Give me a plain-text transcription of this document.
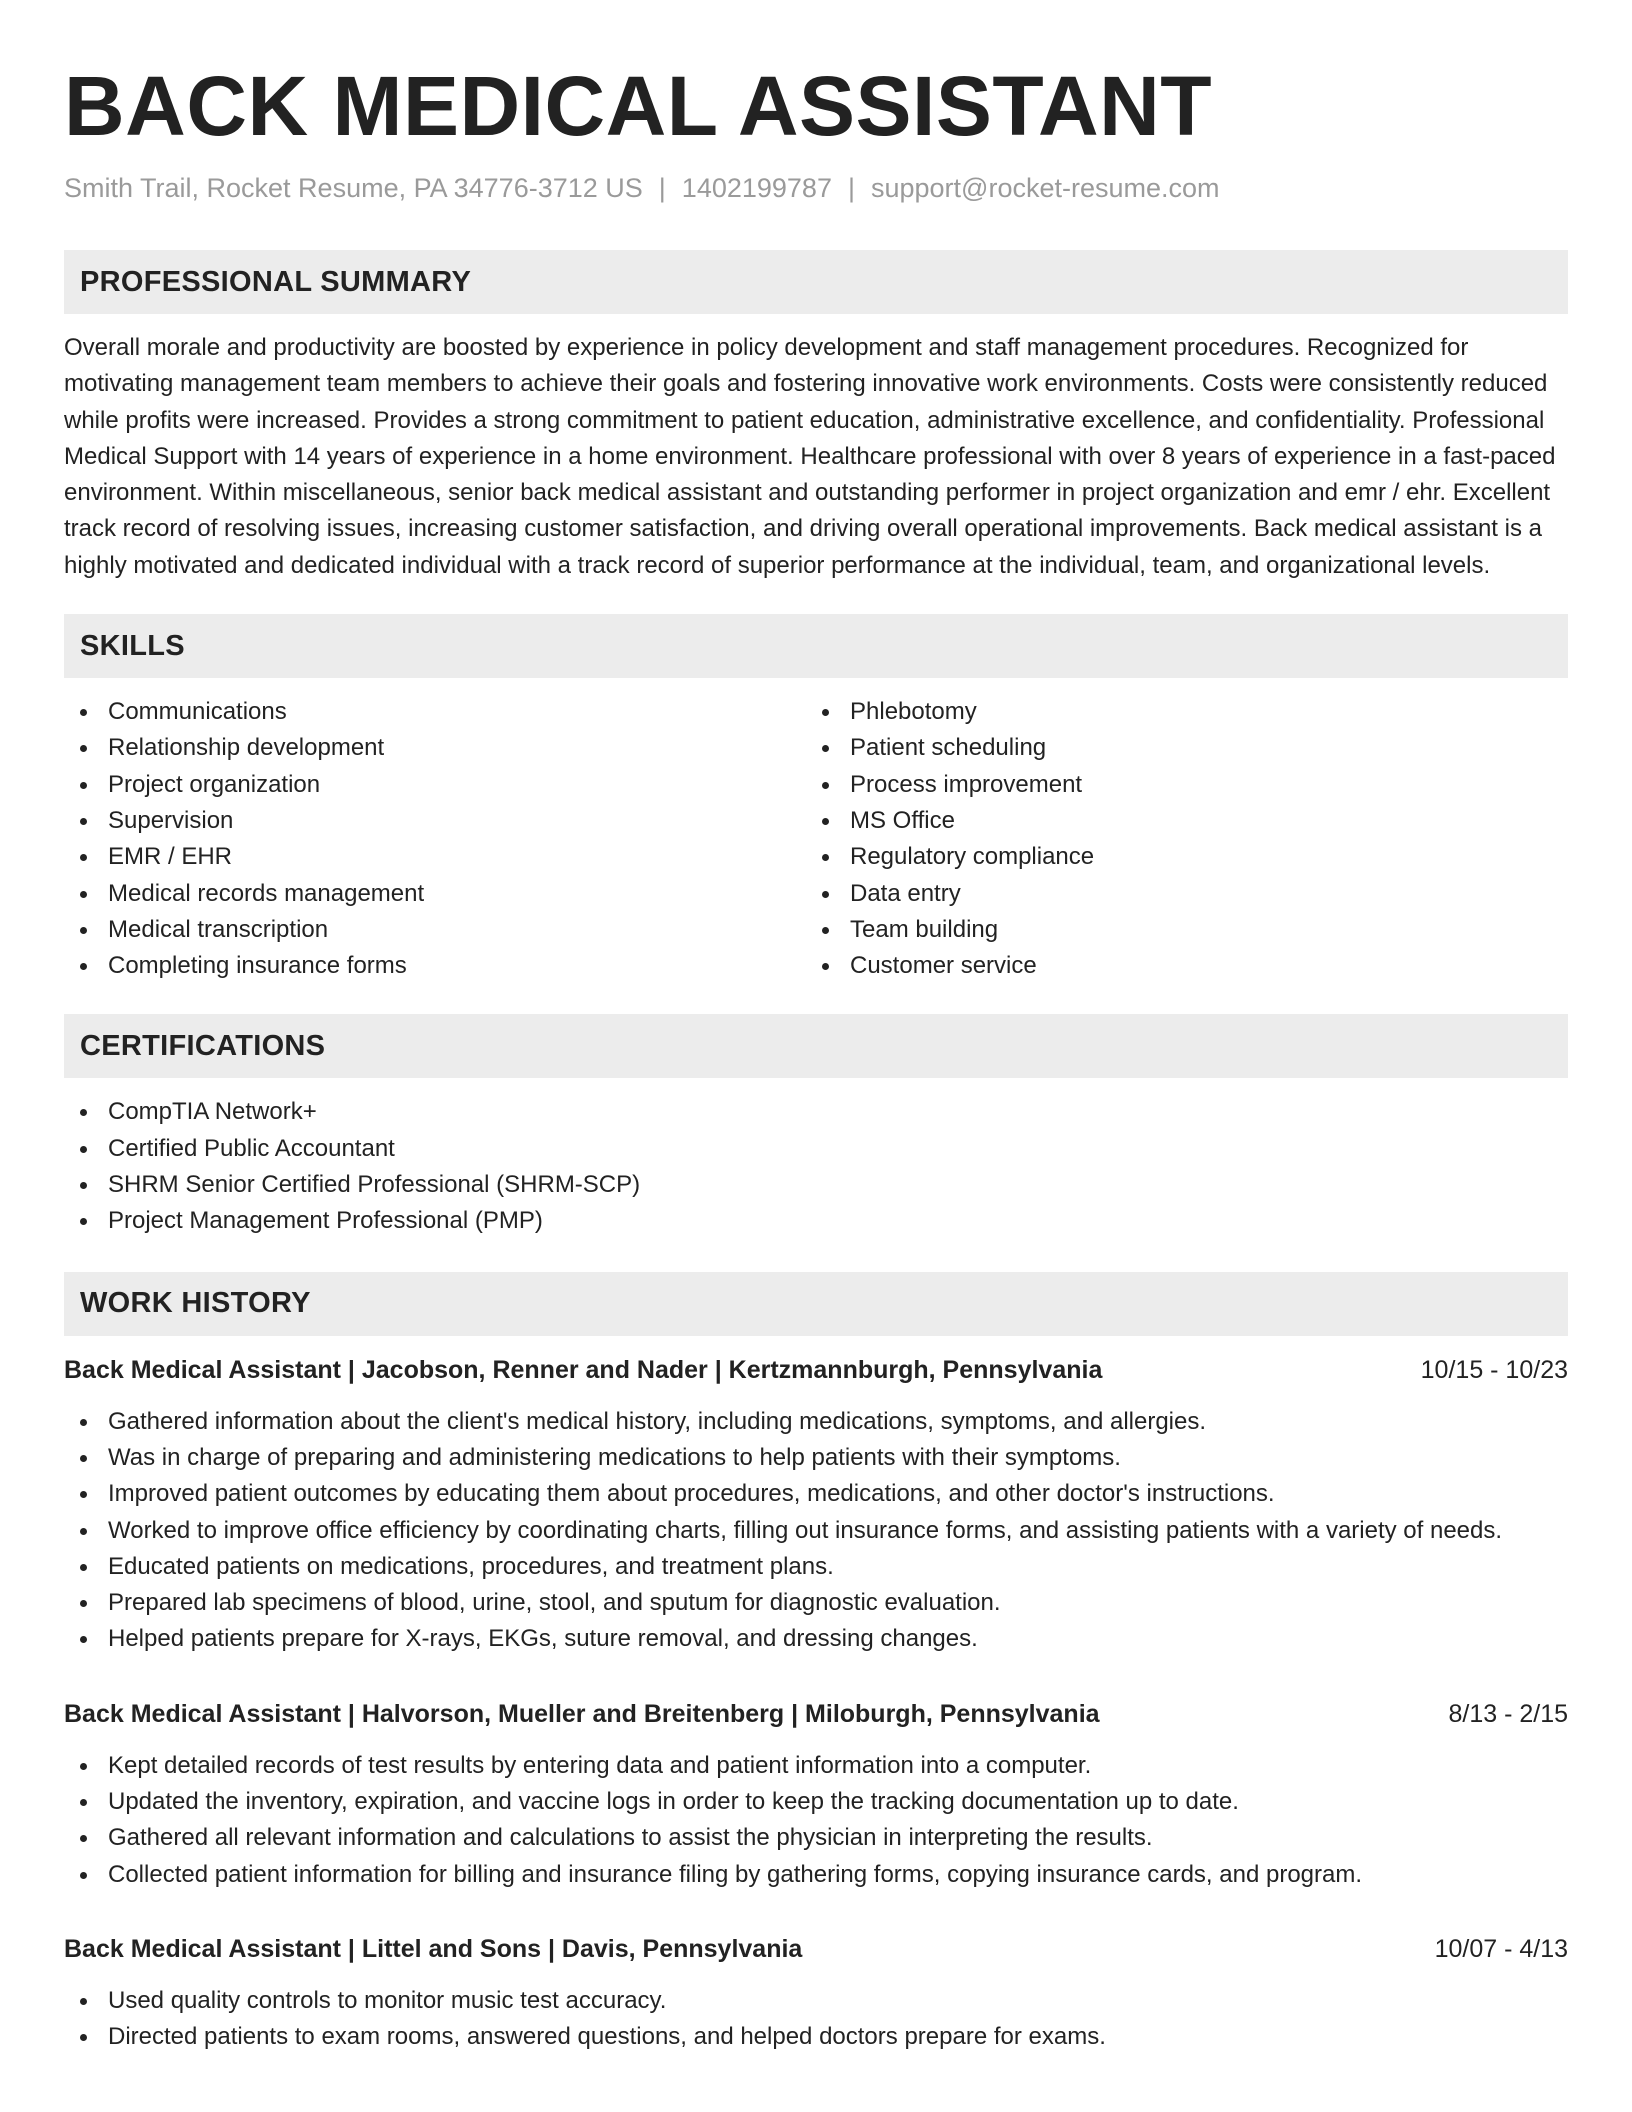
BACK MEDICAL ASSISTANT
Smith Trail, Rocket Resume, PA 34776-3712 US | 1402199787 | support@rocket-resume.com
PROFESSIONAL SUMMARY

Overall morale and productivity are boosted by experience in policy development and staff management procedures. Recognized for motivating management team members to achieve their goals and fostering innovative work environments. Costs were consistently reduced while profits were increased. Provides a strong commitment to patient education, administrative excellence, and confidentiality. Professional Medical Support with 14 years of experience in a home environment. Healthcare professional with over 8 years of experience in a fast-paced environment. Within miscellaneous, senior back medical assistant and outstanding performer in project organization and emr / ehr. Excellent track record of resolving issues, increasing customer satisfaction, and driving overall operational improvements. Back medical assistant is a highly motivated and dedicated individual with a track record of superior performance at the individual, team, and organizational levels.

SKILLS
Communications
Relationship development
Project organization
Supervision
EMR / EHR
Medical records management
Medical transcription
Completing insurance forms
Phlebotomy
Patient scheduling
Process improvement
MS Office
Regulatory compliance
Data entry
Team building
Customer service
CERTIFICATIONS
CompTIA Network+
Certified Public Accountant
SHRM Senior Certified Professional (SHRM-SCP)
Project Management Professional (PMP)
WORK HISTORY
Back Medical Assistant | Jacobson, Renner and Nader | Kertzmannburgh, Pennsylvania	10/15 - 10/23
Gathered information about the client's medical history, including medications, symptoms, and allergies.
Was in charge of preparing and administering medications to help patients with their symptoms.
Improved patient outcomes by educating them about procedures, medications, and other doctor's instructions.
Worked to improve office efficiency by coordinating charts, filling out insurance forms, and assisting patients with a variety of needs.
Educated patients on medications, procedures, and treatment plans.
Prepared lab specimens of blood, urine, stool, and sputum for diagnostic evaluation.
Helped patients prepare for X-rays, EKGs, suture removal, and dressing changes.
Back Medical Assistant | Halvorson, Mueller and Breitenberg | Miloburgh, Pennsylvania	8/13 - 2/15
Kept detailed records of test results by entering data and patient information into a computer.
Updated the inventory, expiration, and vaccine logs in order to keep the tracking documentation up to date.
Gathered all relevant information and calculations to assist the physician in interpreting the results.
Collected patient information for billing and insurance filing by gathering forms, copying insurance cards, and program.
Back Medical Assistant | Littel and Sons | Davis, Pennsylvania	10/07 - 4/13
Used quality controls to monitor music test accuracy.
Directed patients to exam rooms, answered questions, and helped doctors prepare for exams.
